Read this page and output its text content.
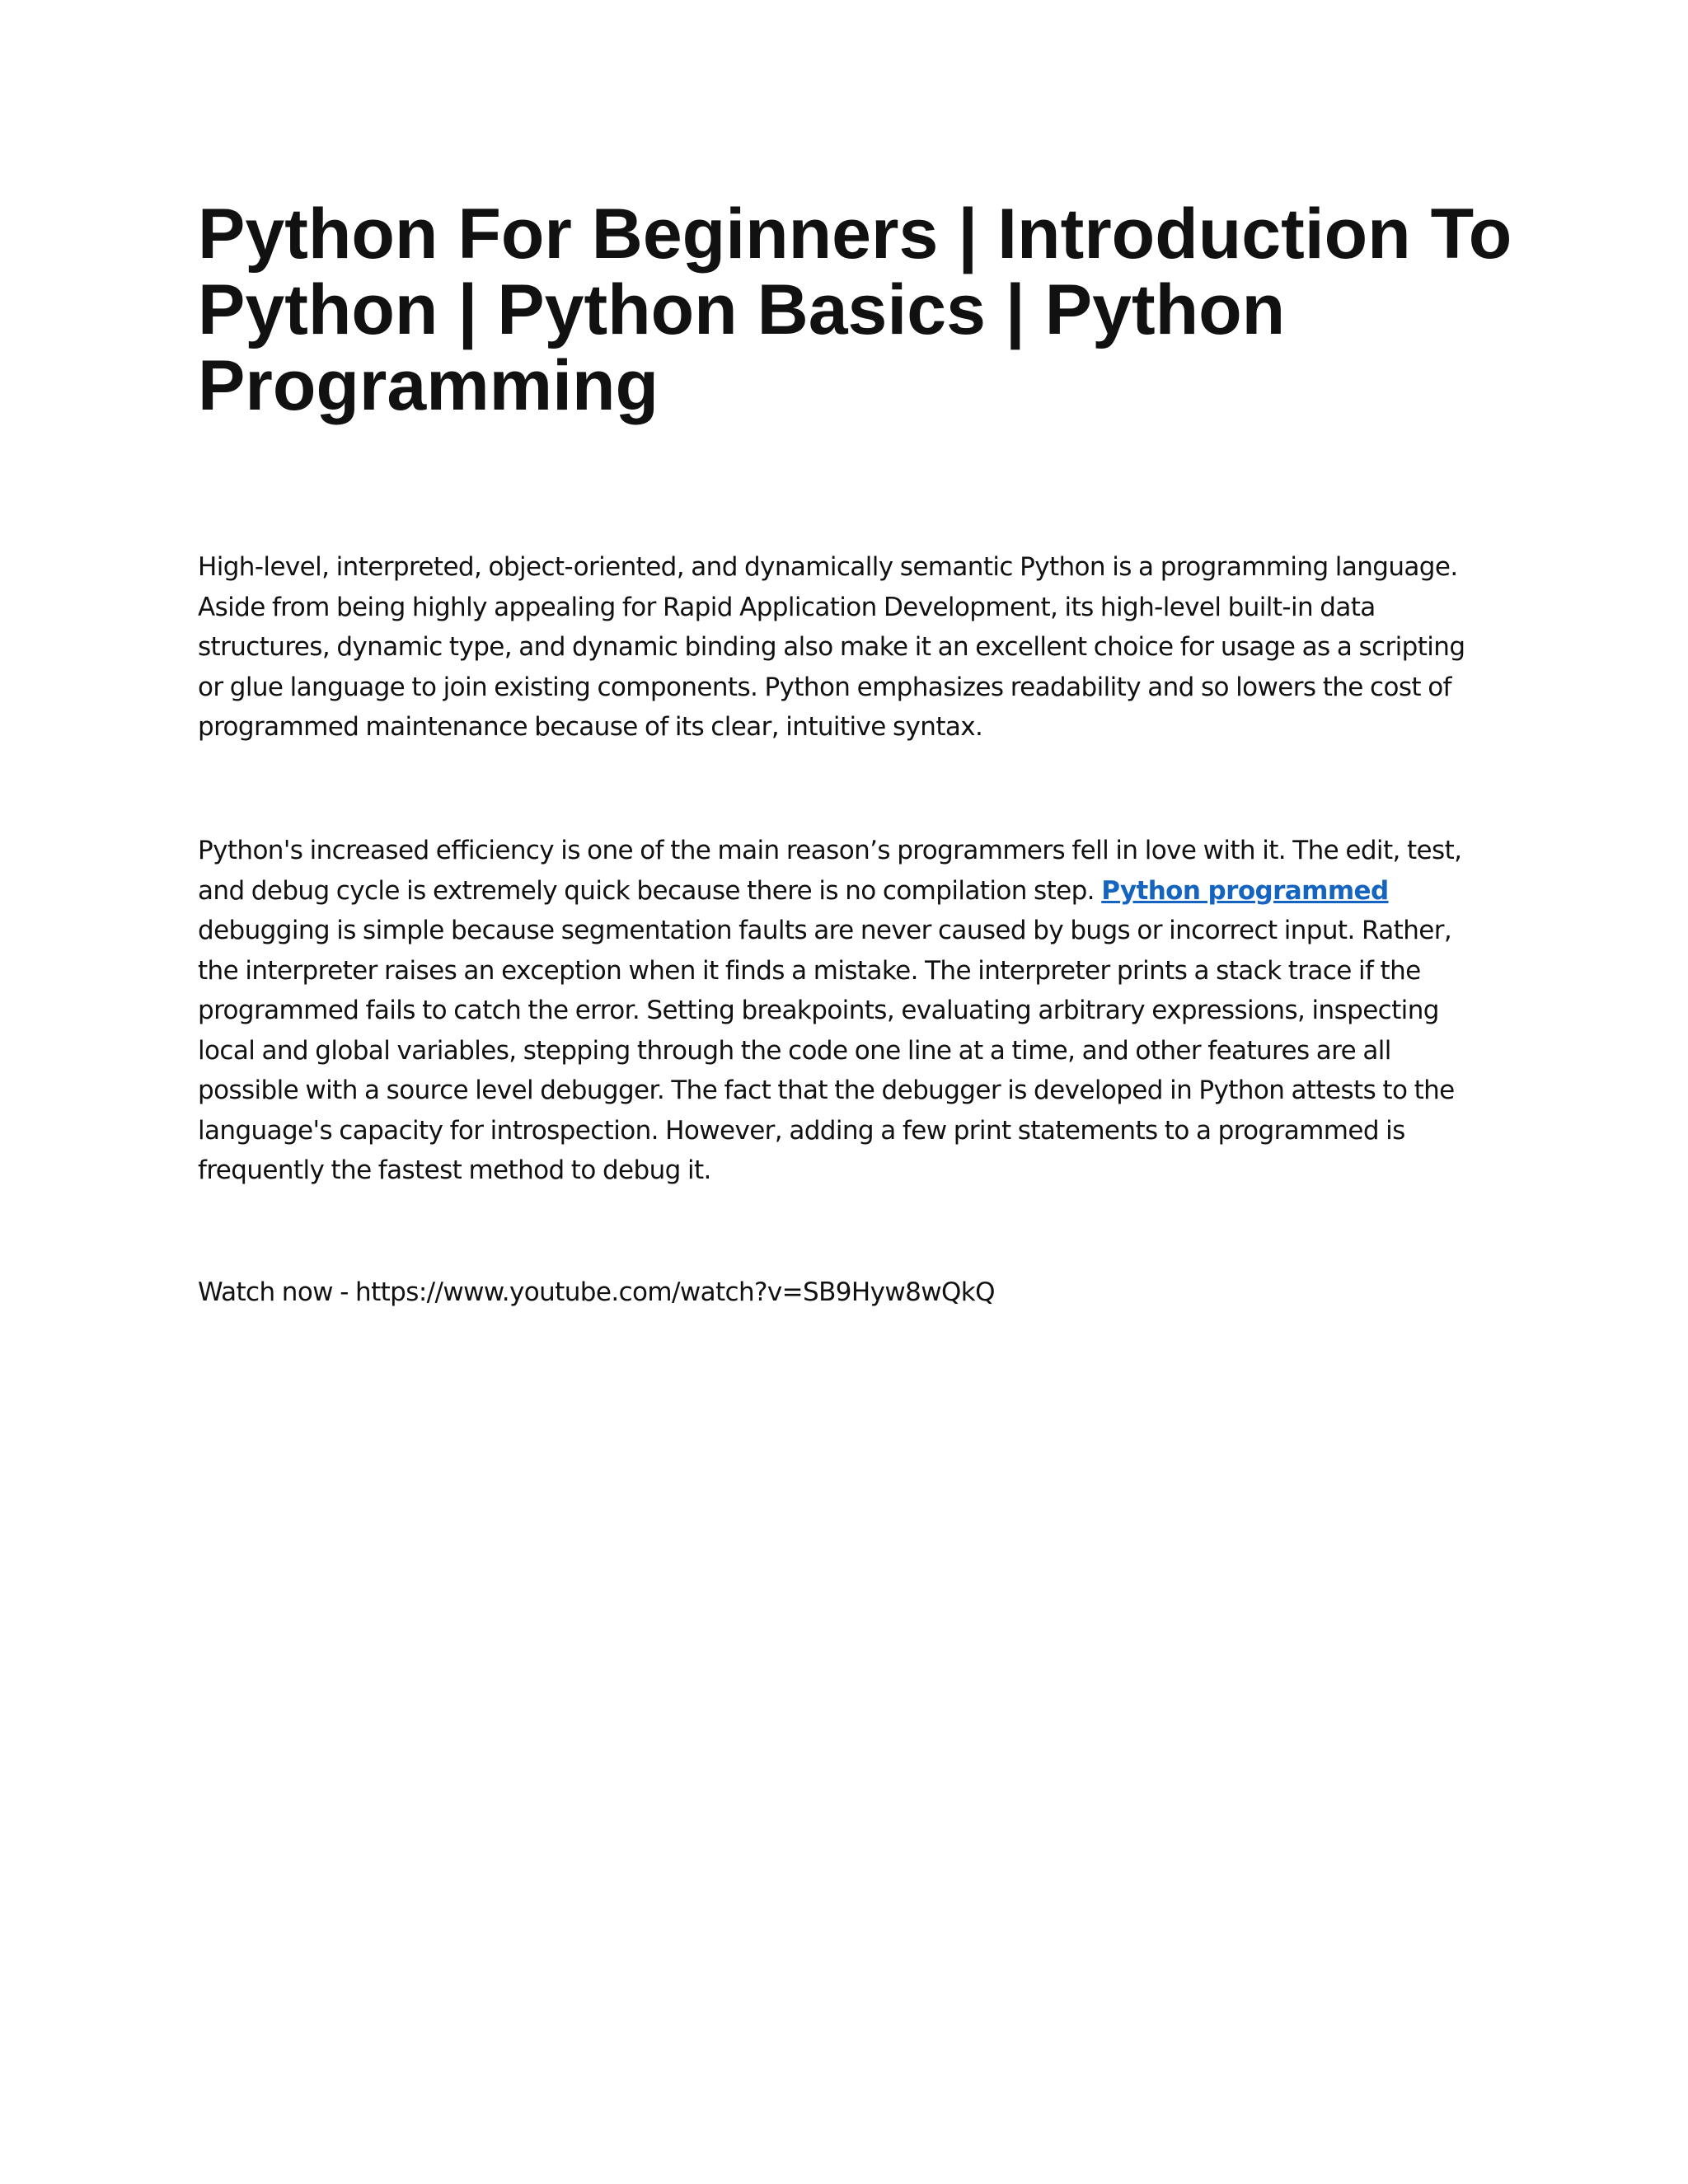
Python For Beginners | Introduction To Python | Python Basics | Python Programming

High-level, interpreted, object-oriented, and dynamically semantic Python is a programming language. Aside from being highly appealing for Rapid Application Development, its high-level built-in data structures, dynamic type, and dynamic binding also make it an excellent choice for usage as a scripting or glue language to join existing components. Python emphasizes readability and so lowers the cost of programmed maintenance because of its clear, intuitive syntax.

Python's increased efficiency is one of the main reason’s programmers fell in love with it. The edit, test, and debug cycle is extremely quick because there is no compilation step. Python programmed debugging is simple because segmentation faults are never caused by bugs or incorrect input. Rather, the interpreter raises an exception when it finds a mistake. The interpreter prints a stack trace if the programmed fails to catch the error. Setting breakpoints, evaluating arbitrary expressions, inspecting local and global variables, stepping through the code one line at a time, and other features are all possible with a source level debugger. The fact that the debugger is developed in Python attests to the language's capacity for introspection. However, adding a few print statements to a programmed is frequently the fastest method to debug it.

Watch now - https://www.youtube.com/watch?v=SB9Hyw8wQkQ
